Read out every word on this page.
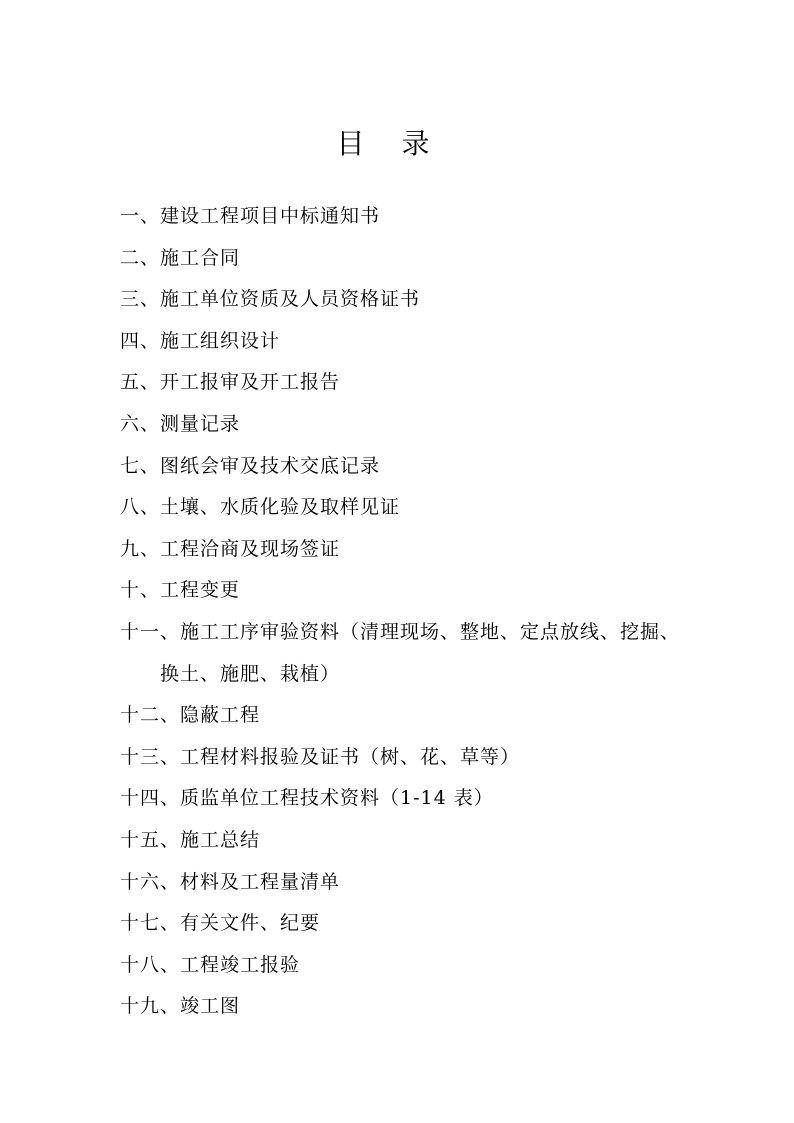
目 录
一、建设工程项目中标通知书
二、施工合同
三、施工单位资质及人员资格证书
四、施工组织设计
五、开工报审及开工报告
六、测量记录
七、图纸会审及技术交底记录
八、土壤、水质化验及取样见证
九、工程洽商及现场签证
十、工程变更
十一、施工工序审验资料（清理现场、整地、定点放线、挖掘、
换土、施肥、栽植）
十二、隐蔽工程
十三、工程材料报验及证书（树、花、草等）
十四、质监单位工程技术资料（1-14 表）
十五、施工总结
十六、材料及工程量清单
十七、有关文件、纪要
十八、工程竣工报验
十九、竣工图
